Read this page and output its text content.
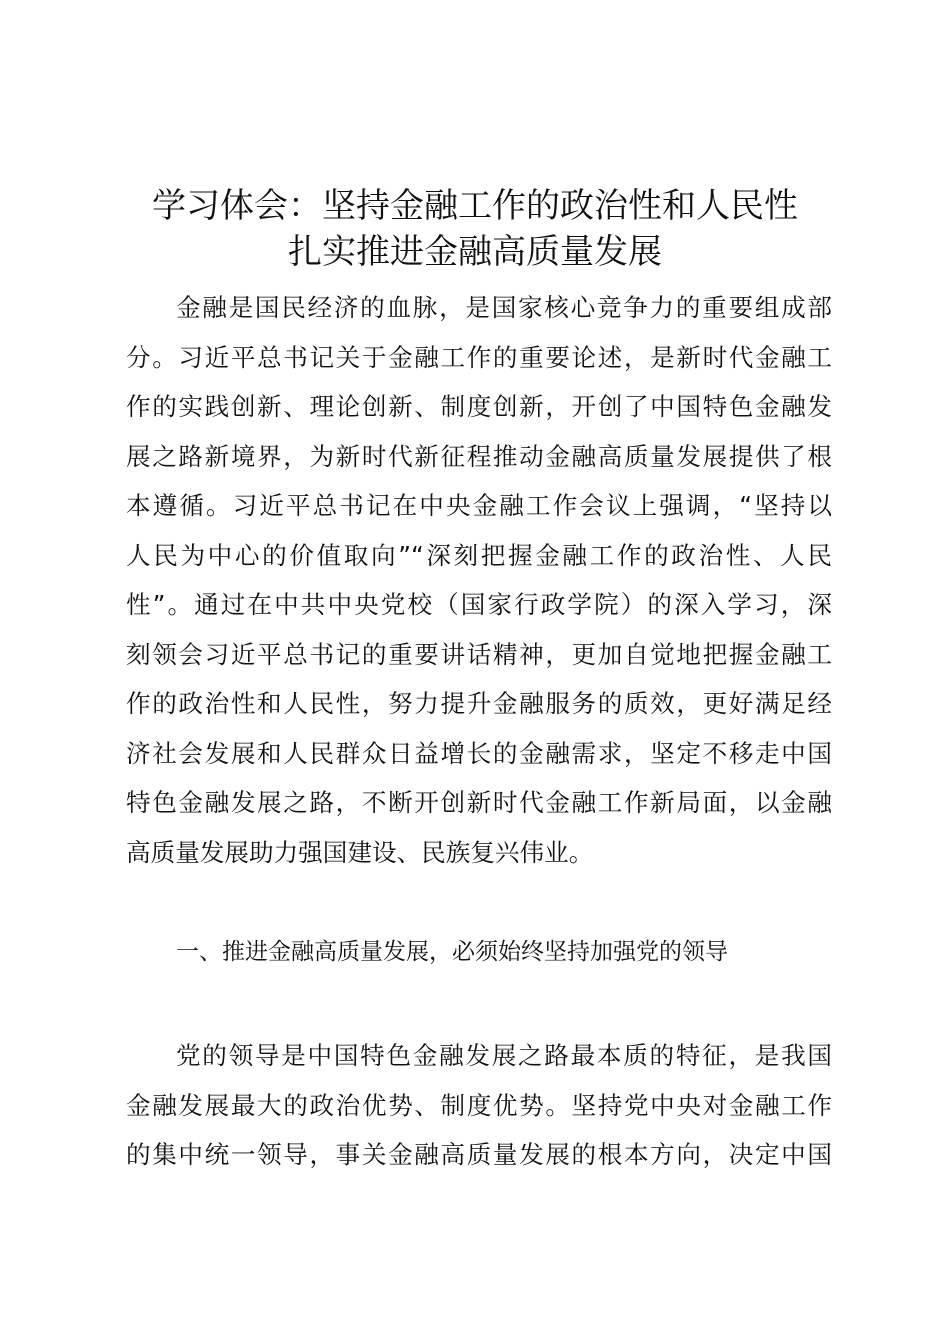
学习体会：坚持金融工作的政治性和人民性
扎实推进金融高质量发展
金融是国民经济的血脉，是国家核心竞争力的重要组成部
分。习近平总书记关于金融工作的重要论述，是新时代金融工
作的实践创新、理论创新、制度创新，开创了中国特色金融发
展之路新境界，为新时代新征程推动金融高质量发展提供了根
本遵循。习近平总书记在中央金融工作会议上强调，“坚持以
人民为中心的价值取向”“深刻把握金融工作的政治性、人民
性”。通过在中共中央党校（国家行政学院）的深入学习，深
刻领会习近平总书记的重要讲话精神，更加自觉地把握金融工
作的政治性和人民性，努力提升金融服务的质效，更好满足经
济社会发展和人民群众日益增长的金融需求，坚定不移走中国
特色金融发展之路，不断开创新时代金融工作新局面，以金融
高质量发展助力强国建设、民族复兴伟业。

一、推进金融高质量发展，必须始终坚持加强党的领导

党的领导是中国特色金融发展之路最本质的特征，是我国
金融发展最大的政治优势、制度优势。坚持党中央对金融工作
的集中统一领导，事关金融高质量发展的根本方向，决定中国
